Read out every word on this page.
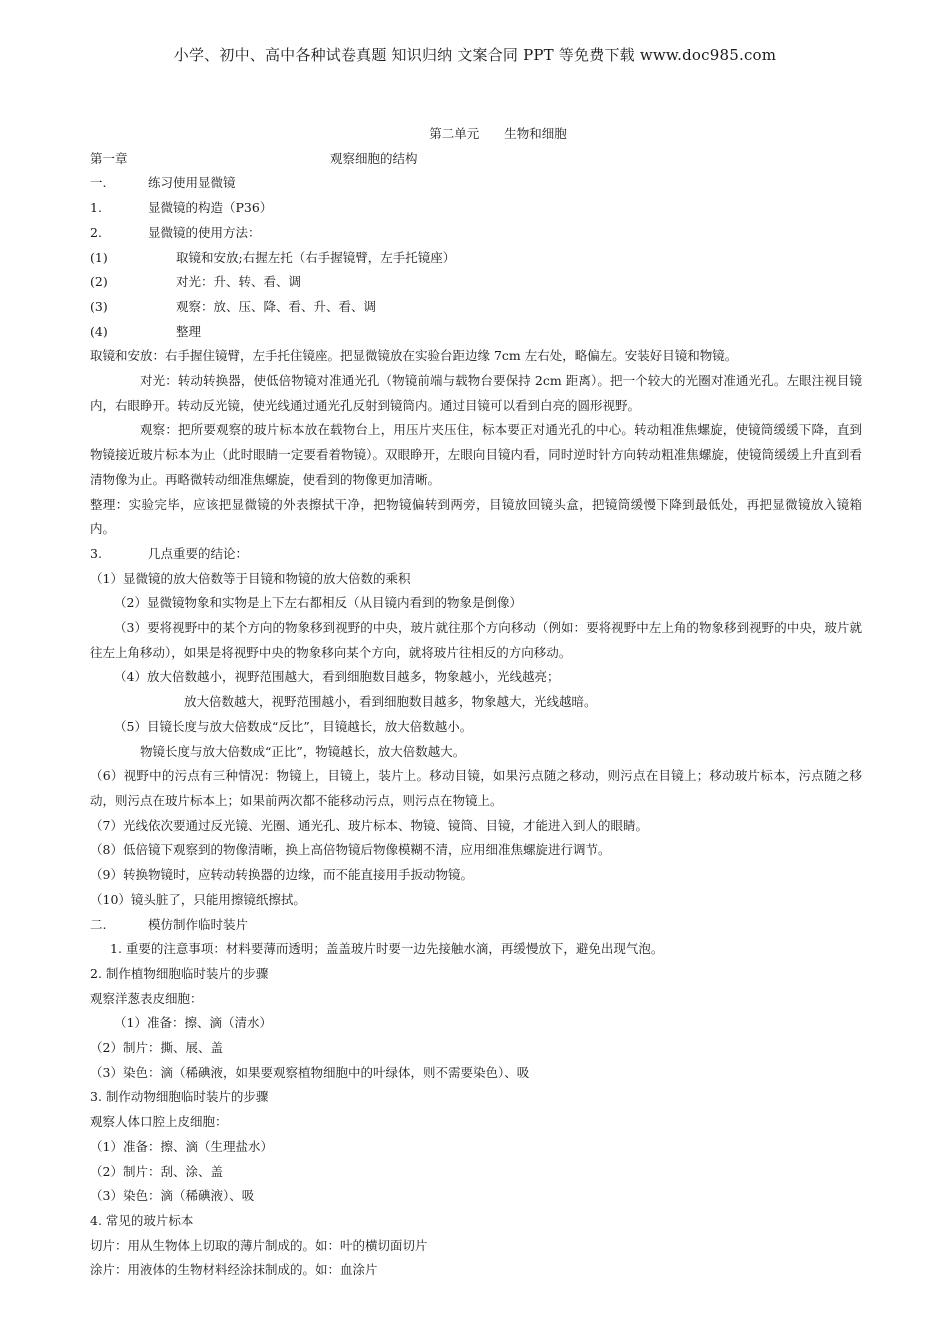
小学、初中、高中各种试卷真题 知识归纳 文案合同 PPT 等免费下载 www.doc985.com
第二单元　　生物和细胞
第一章	观察细胞的结构
一.	练习使用显微镜
1.	显微镜的构造（P36）
2.	显微镜的使用方法：
(1)	取镜和安放;右握左托（右手握镜臂，左手托镜座）
(2)	对光：升、转、看、调
(3)	观察：放、压、降、看、升、看、调
(4)	整理
取镜和安放：右手握住镜臂，左手托住镜座。把显微镜放在实验台距边缘 7cm 左右处，略偏左。安装好目镜和物镜。
对光：转动转换器，使低倍物镜对准通光孔（物镜前端与载物台要保持 2cm 距离）。把一个较大的光圈对准通光孔。左眼注视目镜内，右眼睁开。转动反光镜，使光线通过通光孔反射到镜筒内。通过目镜可以看到白亮的圆形视野。
观察：把所要观察的玻片标本放在载物台上，用压片夹压住，标本要正对通光孔的中心。转动粗准焦螺旋，使镜筒缓缓下降，直到物镜接近玻片标本为止（此时眼睛一定要看着物镜）。双眼睁开，左眼向目镜内看，同时逆时针方向转动粗准焦螺旋，使镜筒缓缓上升直到看清物像为止。再略微转动细准焦螺旋，使看到的物像更加清晰。
整理：实验完毕，应该把显微镜的外表擦拭干净，把物镜偏转到两旁，目镜放回镜头盒，把镜筒缓慢下降到最低处，再把显微镜放入镜箱内。
3.	几点重要的结论：
（1）显微镜的放大倍数等于目镜和物镜的放大倍数的乘积
（2）显微镜物象和实物是上下左右都相反（从目镜内看到的物象是倒像）
（3）要将视野中的某个方向的物象移到视野的中央，玻片就往那个方向移动（例如：要将视野中左上角的物象移到视野的中央，玻片就往左上角移动），如果是将视野中央的物象移向某个方向，就将玻片往相反的方向移动。
（4）放大倍数越小，视野范围越大，看到细胞数目越多，物象越小，光线越亮；
放大倍数越大，视野范围越小，看到细胞数目越多，物象越大，光线越暗。
（5）目镜长度与放大倍数成“反比”，目镜越长，放大倍数越小。
物镜长度与放大倍数成“正比”，物镜越长，放大倍数越大。
（6）视野中的污点有三种情况：物镜上，目镜上，装片上。移动目镜，如果污点随之移动，则污点在目镜上；移动玻片标本，污点随之移动，则污点在玻片标本上；如果前两次都不能移动污点，则污点在物镜上。
（7）光线依次要通过反光镜、光圈、通光孔、玻片标本、物镜、镜筒、目镜，才能进入到人的眼睛。
（8）低倍镜下观察到的物像清晰，换上高倍物镜后物像模糊不清，应用细准焦螺旋进行调节。
（9）转换物镜时，应转动转换器的边缘，而不能直接用手扳动物镜。
（10）镜头脏了，只能用擦镜纸擦拭。
二.	模仿制作临时装片
1. 重要的注意事项：材料要薄而透明；盖盖玻片时要一边先接触水滴，再缓慢放下，避免出现气泡。
2. 制作植物细胞临时装片的步骤
观察洋葱表皮细胞：
（1）准备：擦、滴（清水）
（2）制片：撕、展、盖
（3）染色：滴（稀碘液，如果要观察植物细胞中的叶绿体，则不需要染色）、吸
3. 制作动物细胞临时装片的步骤
观察人体口腔上皮细胞：
（1）准备：擦、滴（生理盐水）
（2）制片：刮、涂、盖
（3）染色：滴（稀碘液）、吸
4. 常见的玻片标本
切片：用从生物体上切取的薄片制成的。如：叶的横切面切片
涂片：用液体的生物材料经涂抹制成的。如：血涂片
